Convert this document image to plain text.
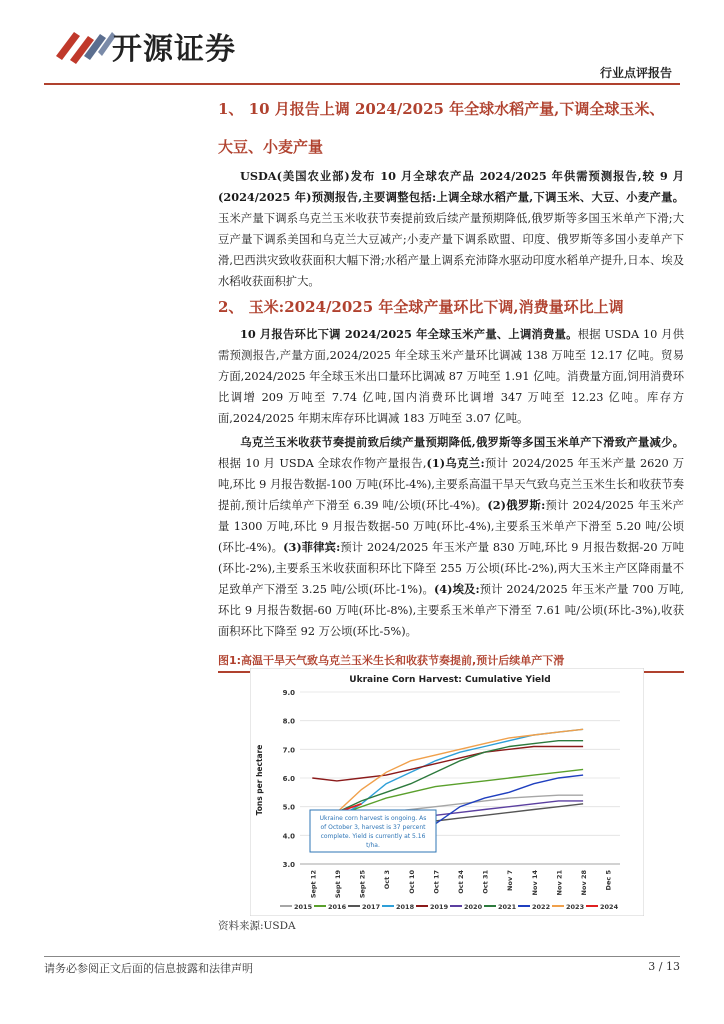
开源证券
行业点评报告
1、 10 月报告上调 2024/2025 年全球水稻产量,下调全球玉米、
大豆、小麦产量
USDA(美国农业部)发布 10 月全球农产品 2024/2025 年供需预测报告,较 9 月(2024/2025 年)预测报告,主要调整包括:上调全球水稻产量,下调玉米、大豆、小麦产量。玉米产量下调系乌克兰玉米收获节奏提前致后续产量预期降低,俄罗斯等多国玉米单产下滑;大豆产量下调系美国和乌克兰大豆减产;小麦产量下调系欧盟、印度、俄罗斯等多国小麦单产下滑,巴西洪灾致收获面积大幅下滑;水稻产量上调系充沛降水驱动印度水稻单产提升,日本、埃及水稻收获面积扩大。
2、 玉米:2024/2025 年全球产量环比下调,消费量环比上调
10 月报告环比下调 2024/2025 年全球玉米产量、上调消费量。根据 USDA 10 月供需预测报告,产量方面,2024/2025 年全球玉米产量环比调减 138 万吨至 12.17 亿吨。贸易方面,2024/2025 年全球玉米出口量环比调减 87 万吨至 1.91 亿吨。消费量方面,饲用消费环比调增 209 万吨至 7.74 亿吨,国内消费环比调增 347 万吨至 12.23 亿吨。库存方面,2024/2025 年期末库存环比调减 183 万吨至 3.07 亿吨。
乌克兰玉米收获节奏提前致后续产量预期降低,俄罗斯等多国玉米单产下滑致产量减少。根据 10 月 USDA 全球农作物产量报告,(1)乌克兰:预计 2024/2025 年玉米产量 2620 万吨,环比 9 月报告数据-100 万吨(环比-4%),主要系高温干旱天气致乌克兰玉米生长和收获节奏提前,预计后续单产下滑至 6.39 吨/公顷(环比-4%)。(2)俄罗斯:预计 2024/2025 年玉米产量 1300 万吨,环比 9 月报告数据-50 万吨(环比-4%),主要系玉米单产下滑至 5.20 吨/公顷(环比-4%)。(3)菲律宾:预计 2024/2025 年玉米产量 830 万吨,环比 9 月报告数据-20 万吨(环比-2%),主要系玉米收获面积环比下降至 255 万公顷(环比-2%),两大玉米主产区降雨量不足致单产下滑至 3.25 吨/公顷(环比-1%)。(4)埃及:预计 2024/2025 年玉米产量 700 万吨,环比 9 月报告数据-60 万吨(环比-8%),主要系玉米单产下滑至 7.61 吨/公顷(环比-3%),收获面积环比下降至 92 万公顷(环比-5%)。
图1:高温干旱天气致乌克兰玉米生长和收获节奏提前,预计后续单产下滑
Ukraine Corn Harvest: Cumulative Yield
Tons per hectare
Sept 12	Sept 19	Sept 25	Oct 3	Oct 10	Oct 17	Oct 24	Oct 31	Nov 7	Nov 14	Nov 21	Nov 28	Dec 5
3.0
4.0
5.0
6.0
7.0
8.0
9.0
Ukraine corn harvest is ongoing. As of October 3, harvest is 37 percent complete. Yield is currently at 5.16 t/ha.
2015 2016 2017 2018 2019 2020 2021 2022 2023 2024
资料来源:USDA
请务必参阅正文后面的信息披露和法律声明	3 / 13
